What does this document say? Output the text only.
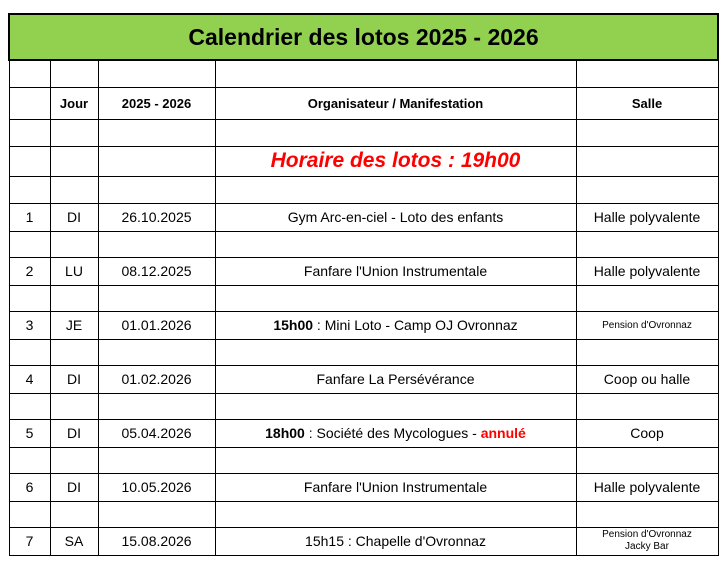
Calendrier des lotos 2025 - 2026				

	Jour	2025 - 2026	Organisateur / Manifestation	Salle

			Horaire des lotos : 19h00	

1	DI	26.10.2025	Gym Arc-en-ciel - Loto des enfants	Halle polyvalente

2	LU	08.12.2025	Fanfare l'Union Instrumentale	Halle polyvalente

3	JE	01.01.2026	15h00 : Mini Loto - Camp OJ Ovronnaz	Pension d'Ovronnaz

4	DI	01.02.2026	Fanfare La Persévérance	Coop ou halle

5	DI	05.04.2026	18h00 : Société des Mycologues - annulé	Coop

6	DI	10.05.2026	Fanfare l'Union Instrumentale	Halle polyvalente

7	SA	15.08.2026	15h15 : Chapelle d'Ovronnaz	Pension d'Ovronnaz
Jacky Bar
